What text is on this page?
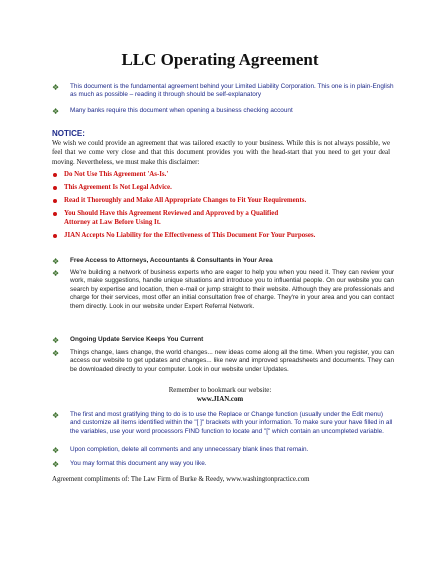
LLC Operating Agreement
❖	This document is the fundamental agreement behind your Limited Liability Corporation. This one is in plain-English as much as possible – reading it through should be self-explanatory
❖	Many banks require this document when opening a business checking account
NOTICE:
We wish we could provide an agreement that was tailored exactly to your business. While this is not always possible, we feel that we come very close and that this document provides you with the head-start that you need to get your deal moving. Nevertheless, we must make this disclaimer:
Do Not Use This Agreement 'As-Is.'
This Agreement Is Not Legal Advice.
Read it Thoroughly and Make All Appropriate Changes to Fit Your Requirements.
You Should Have this Agreement Reviewed and Approved by a Qualified Attorney at Law Before Using It.
JIAN Accepts No Liability for the Effectiveness of This Document For Your Purposes.
❖	Free Access to Attorneys, Accountants & Consultants in Your Area
❖	We're building a network of business experts who are eager to help you when you need it. They can review your work, make suggestions, handle unique situations and introduce you to influential people. On our website you can search by expertise and location, then e-mail or jump straight to their website. Although they are professionals and charge for their services, most offer an initial consultation free of charge. They're in your area and you can contact them directly. Look in our website under Expert Referral Network.
❖	Ongoing Update Service Keeps You Current
❖	Things change, laws change, the world changes... new ideas come along all the time. When you register, you can access our website to get updates and changes... like new and improved spreadsheets and documents. They can be downloaded directly to your computer. Look in our website under Updates.
Remember to bookmark our website:
www.JIAN.com
❖	The first and most gratifying thing to do is to use the Replace or Change function (usually under the Edit menu) and customize all items identified within the "[ ]" brackets with your information. To make sure your have filled in all the variables, use your word processors FIND function to locate and "[" which contain an uncompleted variable.
❖	Upon completion, delete all comments and any unnecessary blank lines that remain.
❖	You may format this document any way you like.
Agreement compliments of: The Law Firm of Burke & Reedy, www.washingtonpractice.com
